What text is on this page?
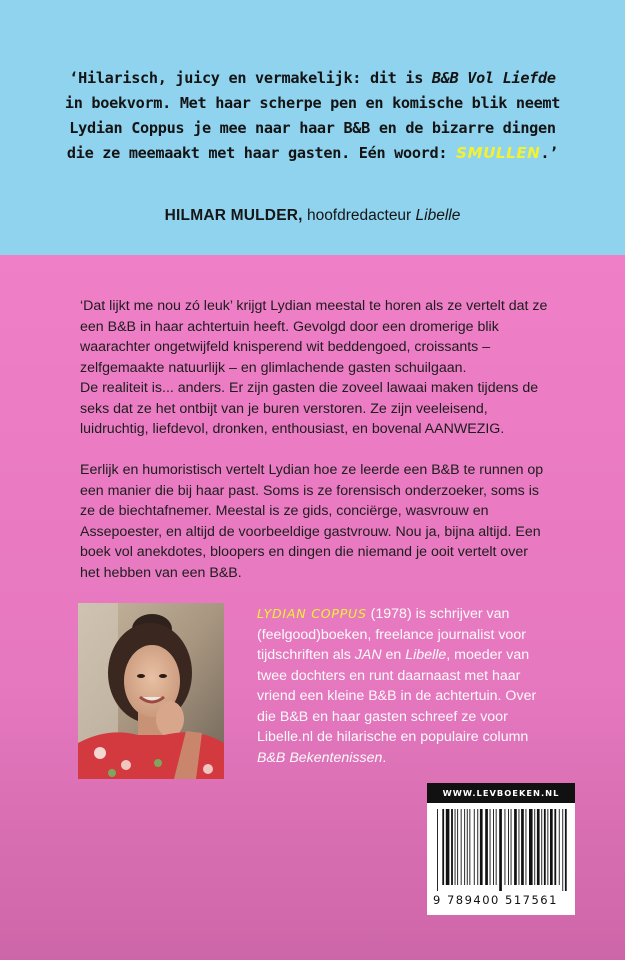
‘Hilarisch, juicy en vermakelijk: dit is B&B Vol Liefde in boekvorm. Met haar scherpe pen en komische blik neemt Lydian Coppus je mee naar haar B&B en de bizarre dingen die ze meemaakt met haar gasten. Eén woord: SMULLEN.’
HILMAR MULDER, hoofdredacteur Libelle

‘Dat lijkt me nou zó leuk’ krijgt Lydian meestal te horen als ze vertelt dat ze een B&B in haar achtertuin heeft. Gevolgd door een dromerige blik waarachter ongetwijfeld knisperend wit beddengoed, croissants – zelfgemaakte natuurlijk – en glimlachende gasten schuilgaan.
De realiteit is... anders. Er zijn gasten die zoveel lawaai maken tijdens de seks dat ze het ontbijt van je buren verstoren. Ze zijn veeleisend, luidruchtig, liefdevol, dronken, enthousiast, en bovenal AANWEZIG.

Eerlijk en humoristisch vertelt Lydian hoe ze leerde een B&B te runnen op een manier die bij haar past. Soms is ze forensisch onderzoeker, soms is ze de biechtafnemer. Meestal is ze gids, conciërge, wasvrouw en Assepoester, en altijd de voorbeeldige gastvrouw. Nou ja, bijna altijd. Een boek vol anekdotes, bloopers en dingen die niemand je ooit vertelt over het hebben van een B&B.

LYDIAN COPPUS (1978) is schrijver van (feelgood)boeken, freelance journalist voor tijdschriften als JAN en Libelle, moeder van twee dochters en runt daarnaast met haar vriend een kleine B&B in de achtertuin. Over die B&B en haar gasten schreef ze voor Libelle.nl de hilarische en populaire column B&B Bekentenissen.
WWW.LEVBOEKEN.NL
9 789400 517561
